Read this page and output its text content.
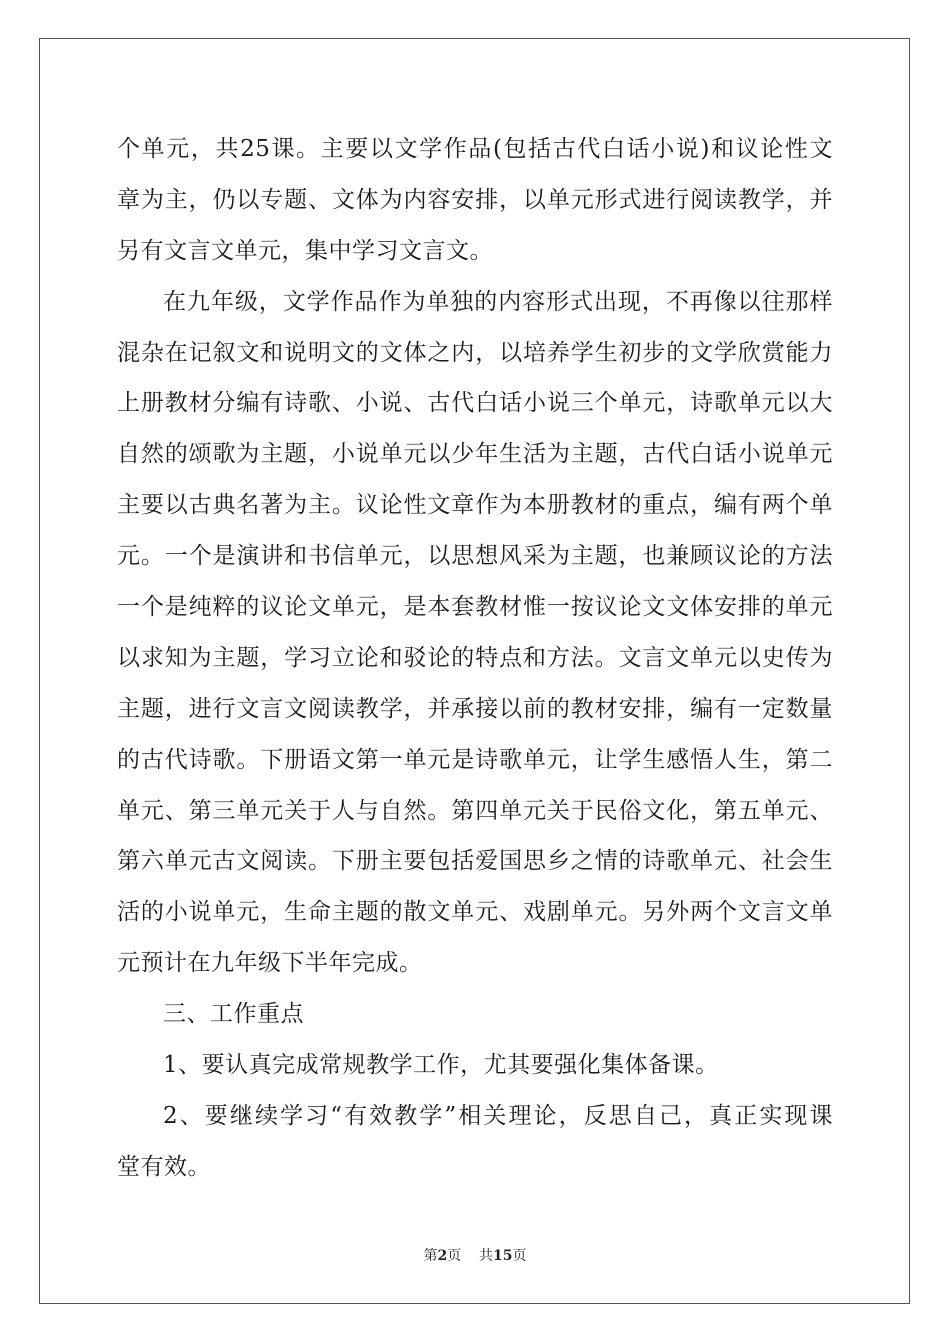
个单元，共25课。主要以文学作品(包括古代白话小说)和议论性文
章为主，仍以专题、文体为内容安排，以单元形式进行阅读教学，并
另有文言文单元，集中学习文言文。
在九年级，文学作品作为单独的内容形式出现，不再像以往那样
混杂在记叙文和说明文的文体之内，以培养学生初步的文学欣赏能力
上册教材分编有诗歌、小说、古代白话小说三个单元，诗歌单元以大
自然的颂歌为主题，小说单元以少年生活为主题，古代白话小说单元
主要以古典名著为主。议论性文章作为本册教材的重点，编有两个单
元。一个是演讲和书信单元，以思想风采为主题，也兼顾议论的方法
一个是纯粹的议论文单元，是本套教材惟一按议论文文体安排的单元
以求知为主题，学习立论和驳论的特点和方法。文言文单元以史传为
主题，进行文言文阅读教学，并承接以前的教材安排，编有一定数量
的古代诗歌。下册语文第一单元是诗歌单元，让学生感悟人生，第二
单元、第三单元关于人与自然。第四单元关于民俗文化，第五单元、
第六单元古文阅读。下册主要包括爱国思乡之情的诗歌单元、社会生
活的小说单元，生命主题的散文单元、戏剧单元。另外两个文言文单
元预计在九年级下半年完成。
三、工作重点
1、要认真完成常规教学工作，尤其要强化集体备课。
2、要继续学习“有效教学”相关理论，反思自己，真正实现课
堂有效。
第2页 共15页
